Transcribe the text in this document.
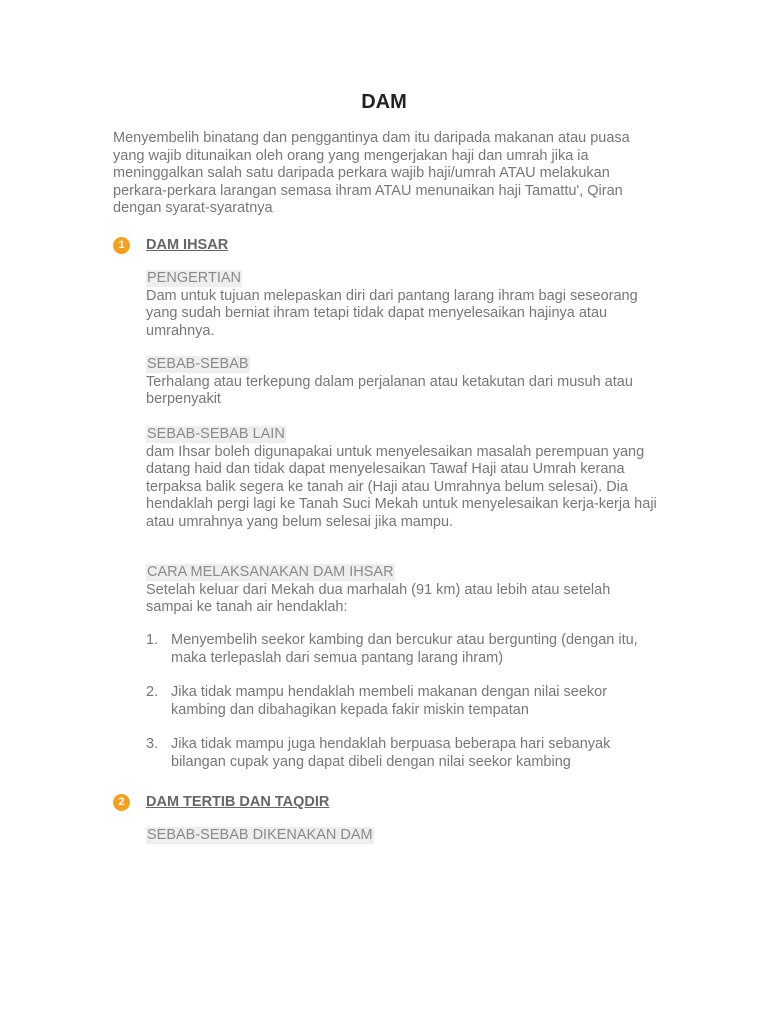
DAM

Menyembelih binatang dan penggantinya dam itu daripada makanan atau puasa yang wajib ditunaikan oleh orang yang mengerjakan haji dan umrah jika ia meninggalkan salah satu daripada perkara wajib haji/umrah ATAU melakukan perkara-perkara larangan semasa ihram ATAU menunaikan haji Tamattu', Qiran dengan syarat-syaratnya

1	DAM IHSAR
PENGERTIAN

Dam untuk tujuan melepaskan diri dari pantang larang ihram bagi seseorang yang sudah berniat ihram tetapi tidak dapat menyelesaikan hajinya atau umrahnya.

SEBAB-SEBAB

Terhalang atau terkepung dalam perjalanan atau ketakutan dari musuh atau berpenyakit

SEBAB-SEBAB LAIN

dam Ihsar boleh digunapakai untuk menyelesaikan masalah perempuan yang datang haid dan tidak dapat menyelesaikan Tawaf Haji atau Umrah kerana terpaksa balik segera ke tanah air (Haji atau Umrahnya belum selesai). Dia hendaklah pergi lagi ke Tanah Suci Mekah untuk menyelesaikan kerja-kerja haji atau umrahnya yang belum selesai jika mampu.

CARA MELAKSANAKAN DAM IHSAR

Setelah keluar dari Mekah dua marhalah (91 km) atau lebih atau setelah sampai ke tanah air hendaklah:

1. Menyembelih seekor kambing dan bercukur atau bergunting (dengan itu, maka terlepaslah dari semua pantang larang ihram)
2. Jika tidak mampu hendaklah membeli makanan dengan nilai seekor kambing dan dibahagikan kepada fakir miskin tempatan
3. Jika tidak mampu juga hendaklah berpuasa beberapa hari sebanyak bilangan cupak yang dapat dibeli dengan nilai seekor kambing
2	DAM TERTIB DAN TAQDIR
SEBAB-SEBAB DIKENAKAN DAM
